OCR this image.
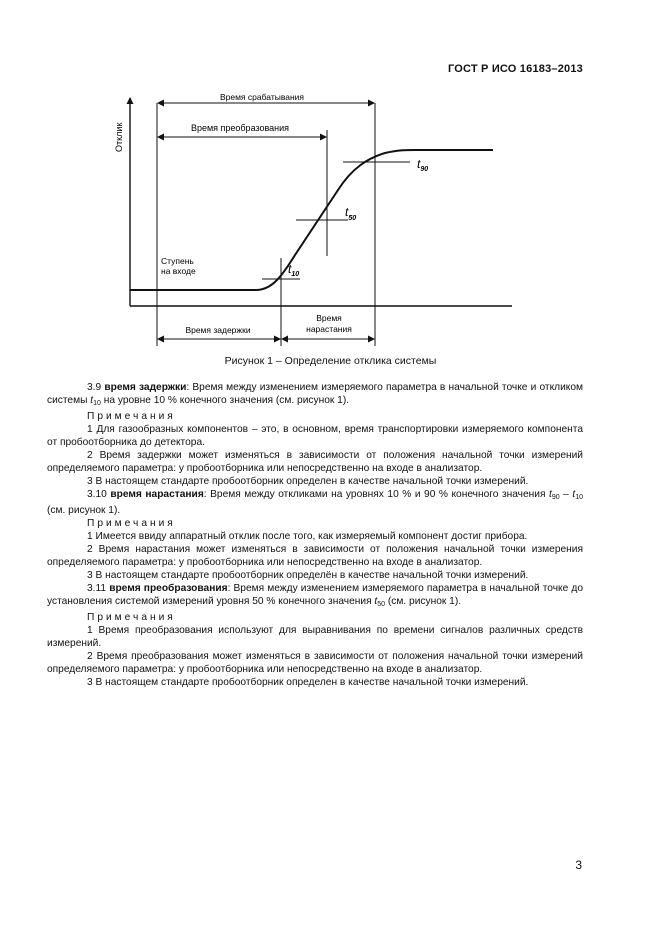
ГОСТ Р ИСО 16183–2013
Отклик
Время срабатывания
Время преобразования
Время задержки
Время
нарастания
Ступень
на входе	$t_{10}$
$t_{50}$
$t_{90}$
Рисунок 1 – Определение отклика системы

3.9 время задержки: Время между изменением измеряемого параметра в начальной точке и откликом системы $t_{10}$ на уровне 10 % конечного значения (см. рисунок 1).

Примечания

1 Для газообразных компонентов – это, в основном, время транспортировки измеряемого компонента от пробоотборника до детектора.

2 Время задержки может изменяться в зависимости от положения начальной точки измерений определяемого параметра: у пробоотборника или непосредственно на входе в анализатор.

3 В настоящем стандарте пробоотборник определен в качестве начальной точки измерений.

3.10 время нарастания: Время между откликами на уровнях 10 % и 90 % конечного значения $t_{90} - t_{10}$ (см. рисунок 1).

Примечания

1 Имеется ввиду аппаратный отклик после того, как измеряемый компонент достиг прибора.

2 Время нарастания может изменяться в зависимости от положения начальной точки измерения определяемого параметра: у пробоотборника или непосредственно на входе в анализатор.

3 В настоящем стандарте пробоотборник определён в качестве начальной точки измерений.

3.11 время преобразования: Время между изменением измеряемого параметра в начальной точке до установления системой измерений уровня 50 % конечного значения $t_{50}$ (см. рисунок 1).

Примечания

1 Время преобразования используют для выравнивания по времени сигналов различных средств измерений.

2 Время преобразования может изменяться в зависимости от положения начальной точки измерений определяемого параметра: у пробоотборника или непосредственно на входе в анализатор.

3 В настоящем стандарте пробоотборник определен в качестве начальной точки измерений.

3
